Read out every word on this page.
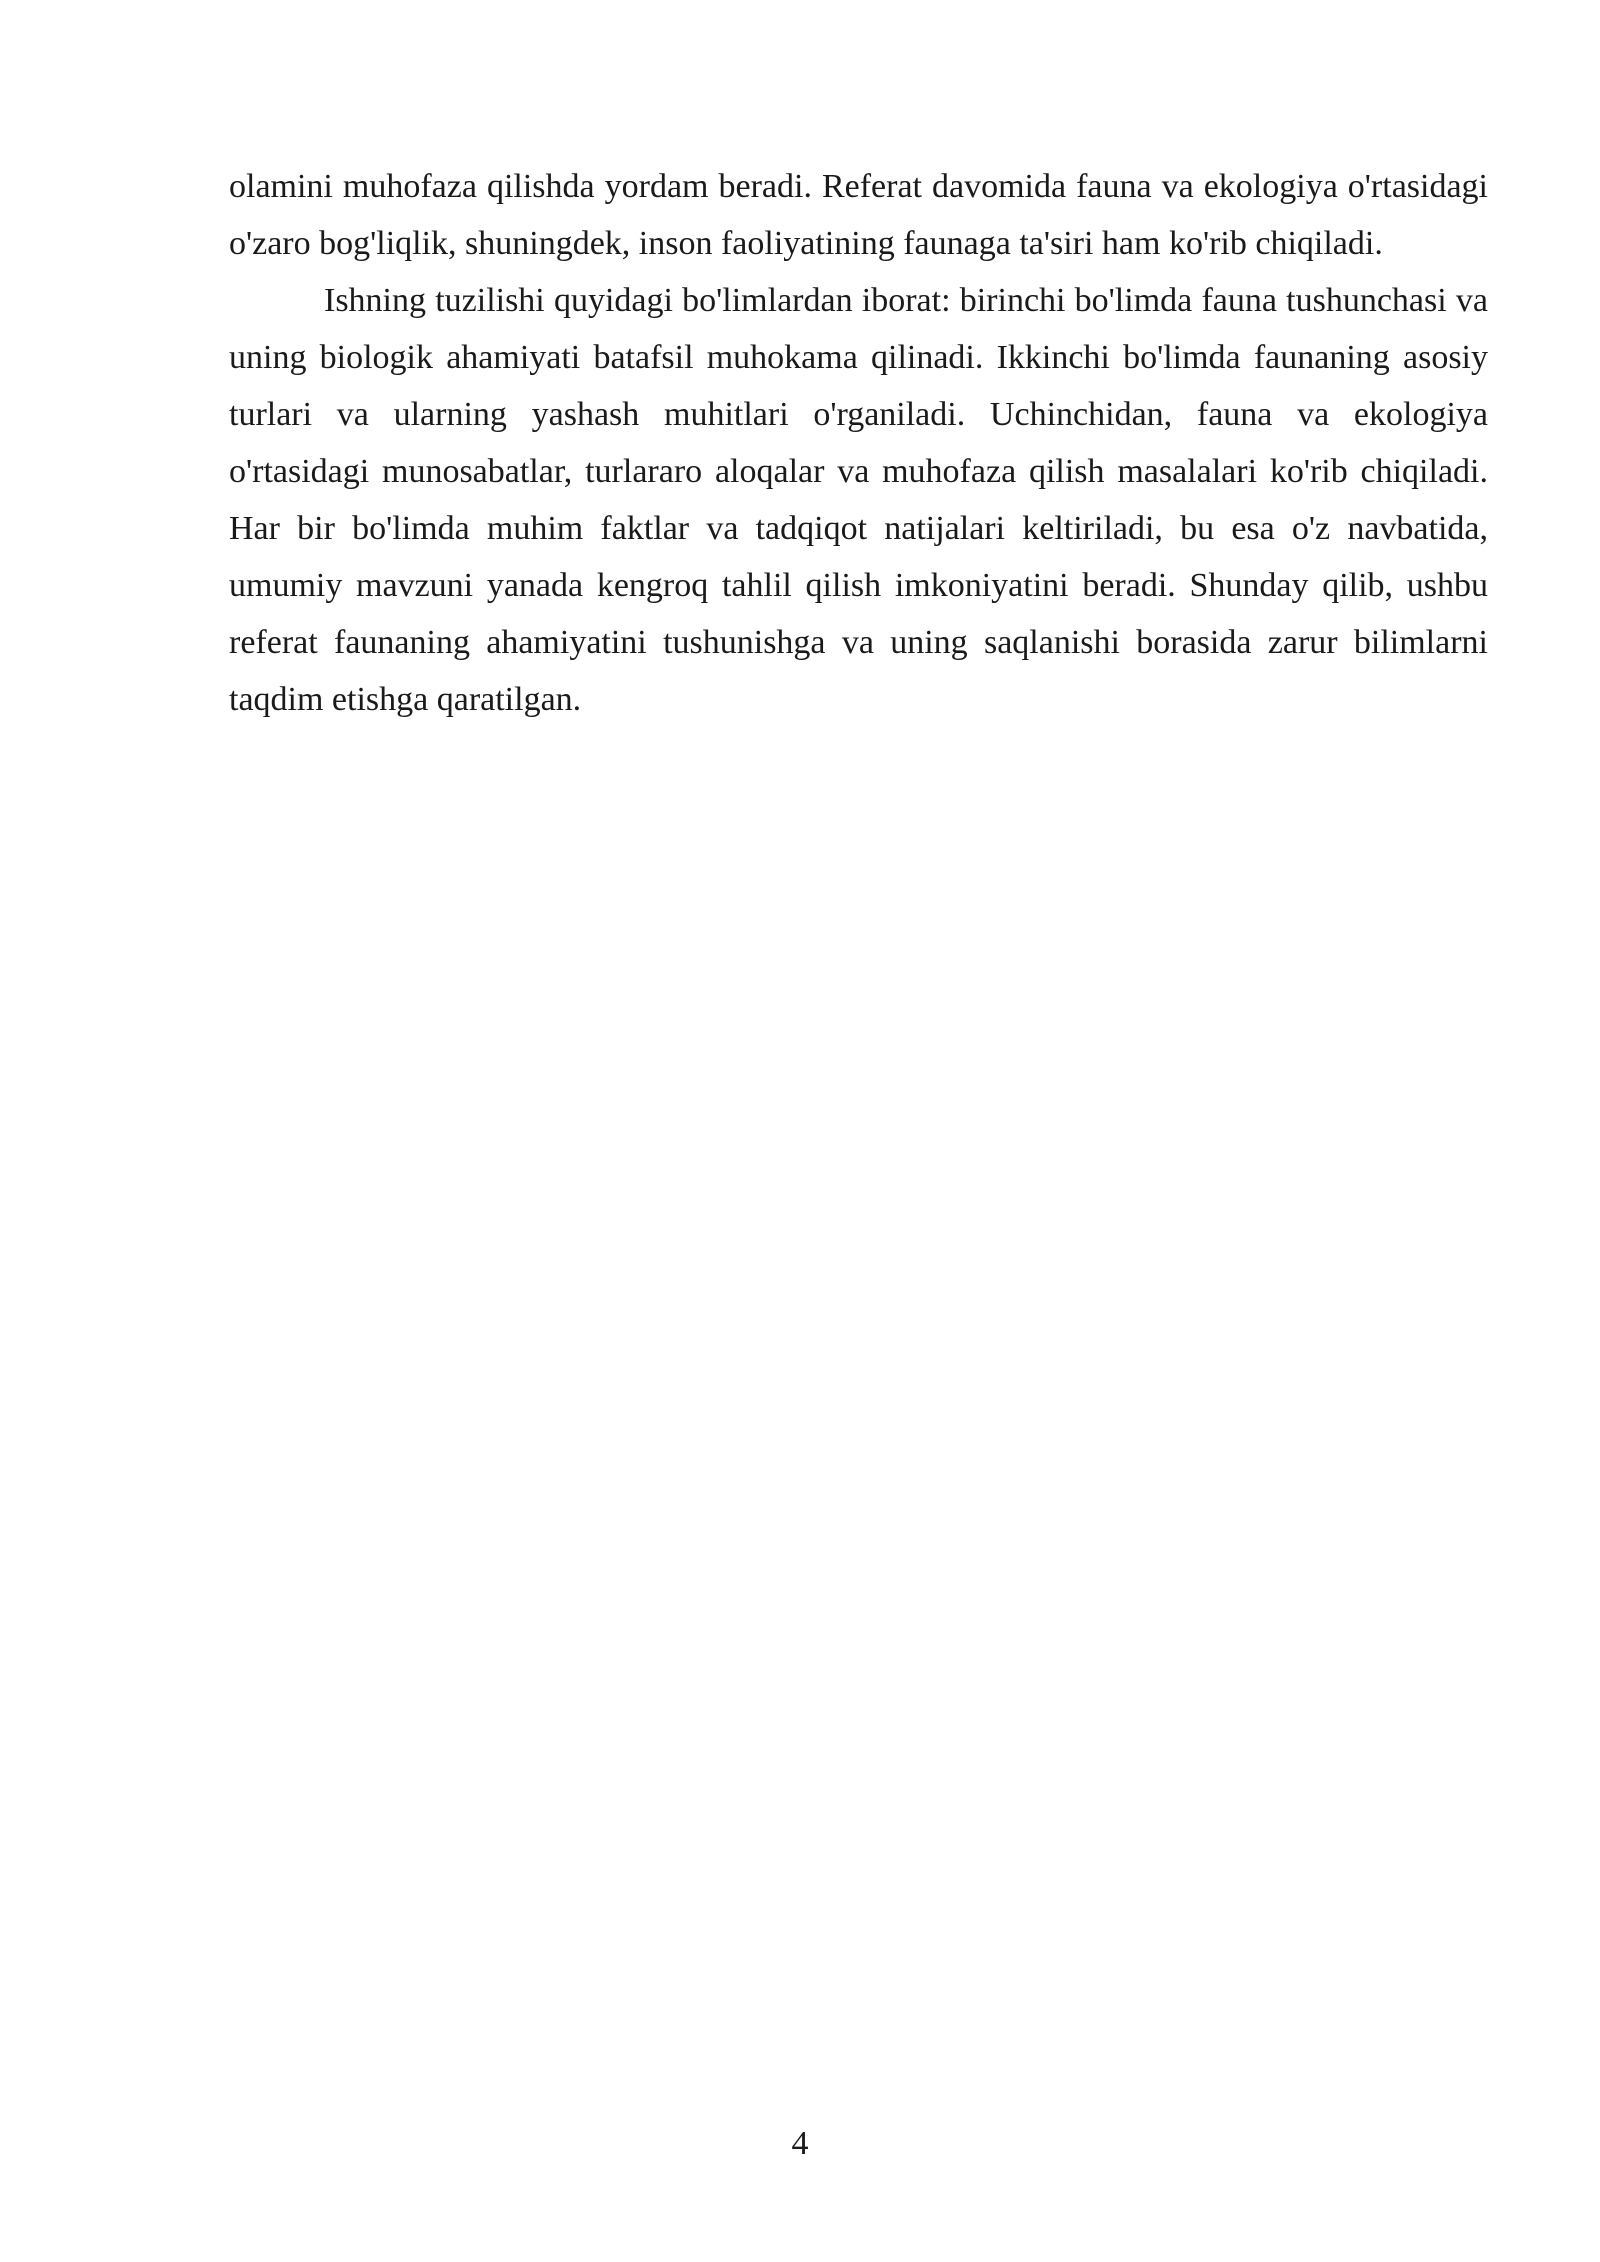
olamini muhofaza qilishda yordam beradi. Referat davomida fauna va ekologiya o'rtasidagi o'zaro bog'liqlik, shuningdek, inson faoliyatining faunaga ta'siri ham ko'rib chiqiladi.

Ishning tuzilishi quyidagi bo'limlardan iborat: birinchi bo'limda fauna tushunchasi va uning biologik ahamiyati batafsil muhokama qilinadi. Ikkinchi bo'limda faunaning asosiy turlari va ularning yashash muhitlari o'rganiladi. Uchinchidan, fauna va ekologiya o'rtasidagi munosabatlar, turlararo aloqalar va muhofaza qilish masalalari ko'rib chiqiladi. Har bir bo'limda muhim faktlar va tadqiqot natijalari keltiriladi, bu esa o'z navbatida, umumiy mavzuni yanada kengroq tahlil qilish imkoniyatini beradi. Shunday qilib, ushbu referat faunaning ahamiyatini tushunishga va uning saqlanishi borasida zarur bilimlarni taqdim etishga qaratilgan.

4
